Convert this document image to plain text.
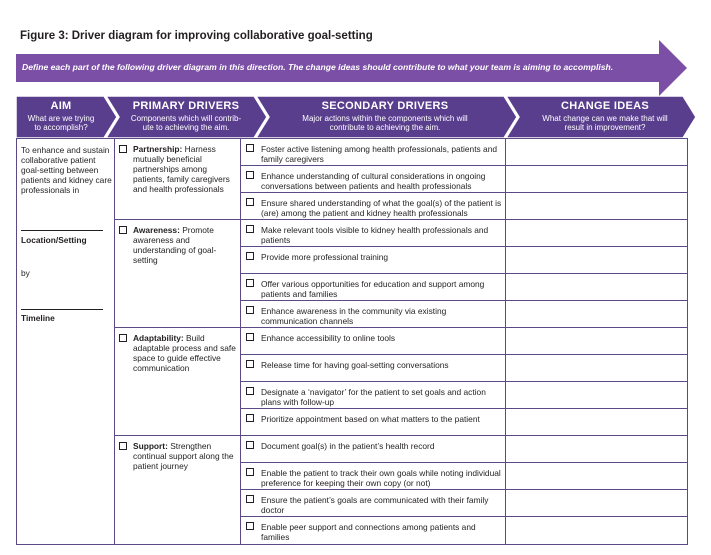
Figure 3: Driver diagram for improving collaborative goal-setting
Define each part of the following driver diagram in this direction. The change ideas should contribute to what your team is aiming to accomplish.
AIM
What are we trying
to accomplish?
PRIMARY DRIVERS
Components which will contrib-
ute to achieving the aim.
SECONDARY DRIVERS
Major actions within the components which will
contribute to achieving the aim.
CHANGE IDEAS
What change can we make that will
result in improvement?
To enhance and sustain collaborative patient goal-setting between patients and kidney care professionals in
Location/Setting
by
Timeline
Partnership: Harness mutually beneficial partnerships among patients, family caregivers and health professionals
Awareness: Promote awareness and understanding of goal-setting
Adaptability: Build adaptable process and safe space to guide effective communication
Support: Strengthen continual support along the patient journey
Foster active listening among health professionals, patients and family caregivers
Enhance understanding of cultural considerations in ongoing conversations between patients and health professionals
Ensure shared understanding of what the goal(s) of the patient is (are) among the patient and kidney health professionals
Make relevant tools visible to kidney health professionals and patients
Provide more professional training
Offer various opportunities for education and support among patients and families
Enhance awareness in the community via existing communication channels
Enhance accessibility to online tools
Release time for having goal-setting conversations
Designate a ‘navigator’ for the patient to set goals and action plans with follow-up
Prioritize appointment based on what matters to the patient
Document goal(s) in the patient’s health record
Enable the patient to track their own goals while noting individual preference for keeping their own copy (or not)
Ensure the patient’s goals are communicated with their family doctor
Enable peer support and connections among patients and families
